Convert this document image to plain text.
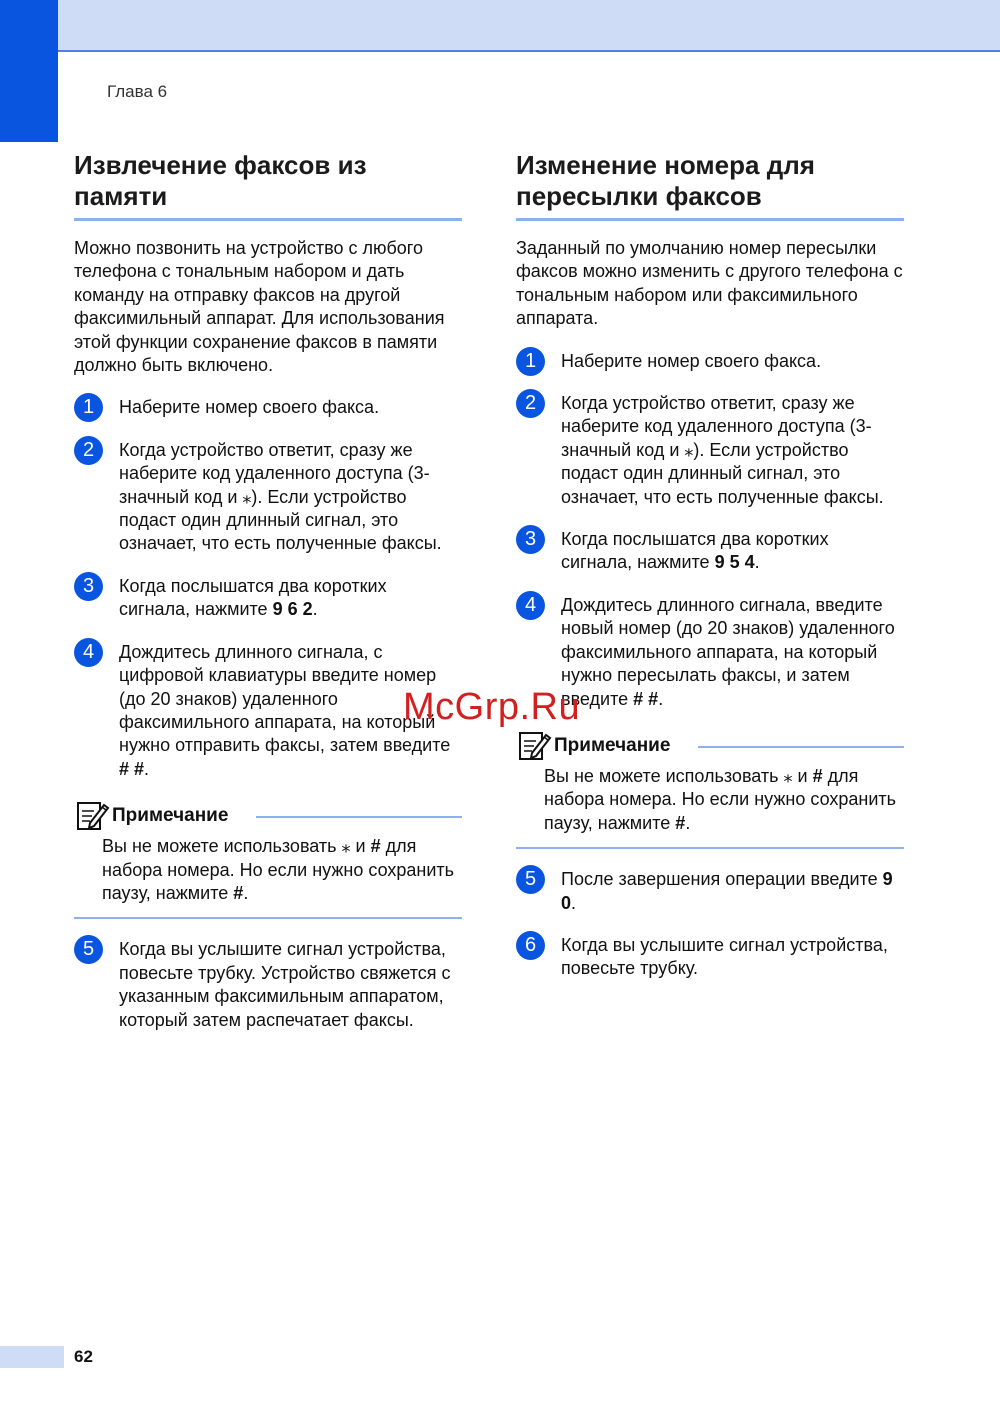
Глава 6
Извлечение факсов из памяти

Можно позвонить на устройство с любого телефона с тональным набором и дать команду на отправку факсов на другой факсимильный аппарат. Для использования этой функции сохранение факсов в памяти должно быть включено.

1	Наберите номер своего факса.
2	Когда устройство ответит, сразу же наберите код удаленного доступа (3-значный код и ⁎). Если устройство подаст один длинный сигнал, это означает, что есть полученные факсы.
3	Когда послышатся два коротких сигнала, нажмите 9 6 2.
4	Дождитесь длинного сигнала, с цифровой клавиатуры введите номер (до 20 знаков) удаленного факсимильного аппарата, на который нужно отправить факсы, затем введите # #.
Примечание
Вы не можете использовать ⁎ и # для набора номера. Но если нужно сохранить паузу, нажмите #.
5	Когда вы услышите сигнал устройства, повесьте трубку. Устройство свяжется с указанным факсимильным аппаратом, который затем распечатает факсы.
Изменение номера для пересылки факсов

Заданный по умолчанию номер пересылки факсов можно изменить с другого телефона с тональным набором или факсимильного аппарата.

1	Наберите номер своего факса.
2	Когда устройство ответит, сразу же наберите код удаленного доступа (3-значный код и ⁎). Если устройство подаст один длинный сигнал, это означает, что есть полученные факсы.
3	Когда послышатся два коротких сигнала, нажмите 9 5 4.
4	Дождитесь длинного сигнала, введите новый номер (до 20 знаков) удаленного факсимильного аппарата, на который нужно пересылать факсы, и затем введите # #.
Примечание
Вы не можете использовать ⁎ и # для набора номера. Но если нужно сохранить паузу, нажмите #.
5	После завершения операции введите 9 0.
6	Когда вы услышите сигнал устройства, повесьте трубку.
McGrp.Ru
62
